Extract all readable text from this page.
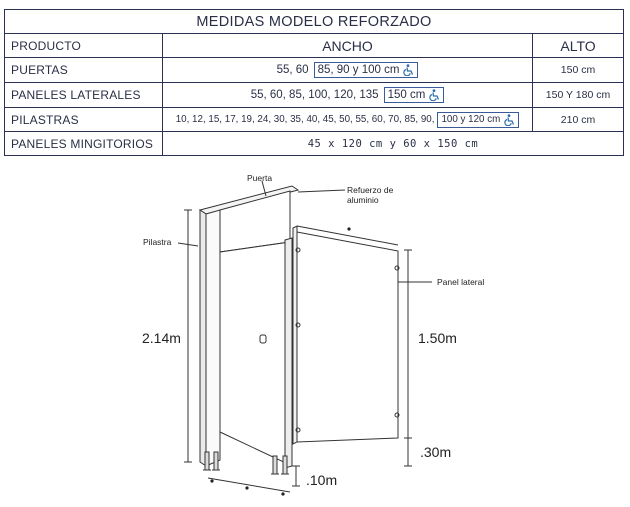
MEDIDAS MODELO REFORZADO
PRODUCTO	ANCHO	ALTO
PUERTAS	55, 60 85, 90 y 100 cm	150 cm
PANELES LATERALES	55, 60, 85, 100, 120, 135 150 cm	150 Y 180 cm
PILASTRAS	10, 12, 15, 17, 19, 24, 30, 35, 40, 45, 50, 55, 60, 70, 85, 90, 100 y 120 cm	210 cm
PANELES MINGITORIOS	45 x 120 cm y 60 x 150 cm
Puerta
Refuerzo de aluminio
Pilastra
Panel lateral
2.14m	1.50m
.30m
.10m
